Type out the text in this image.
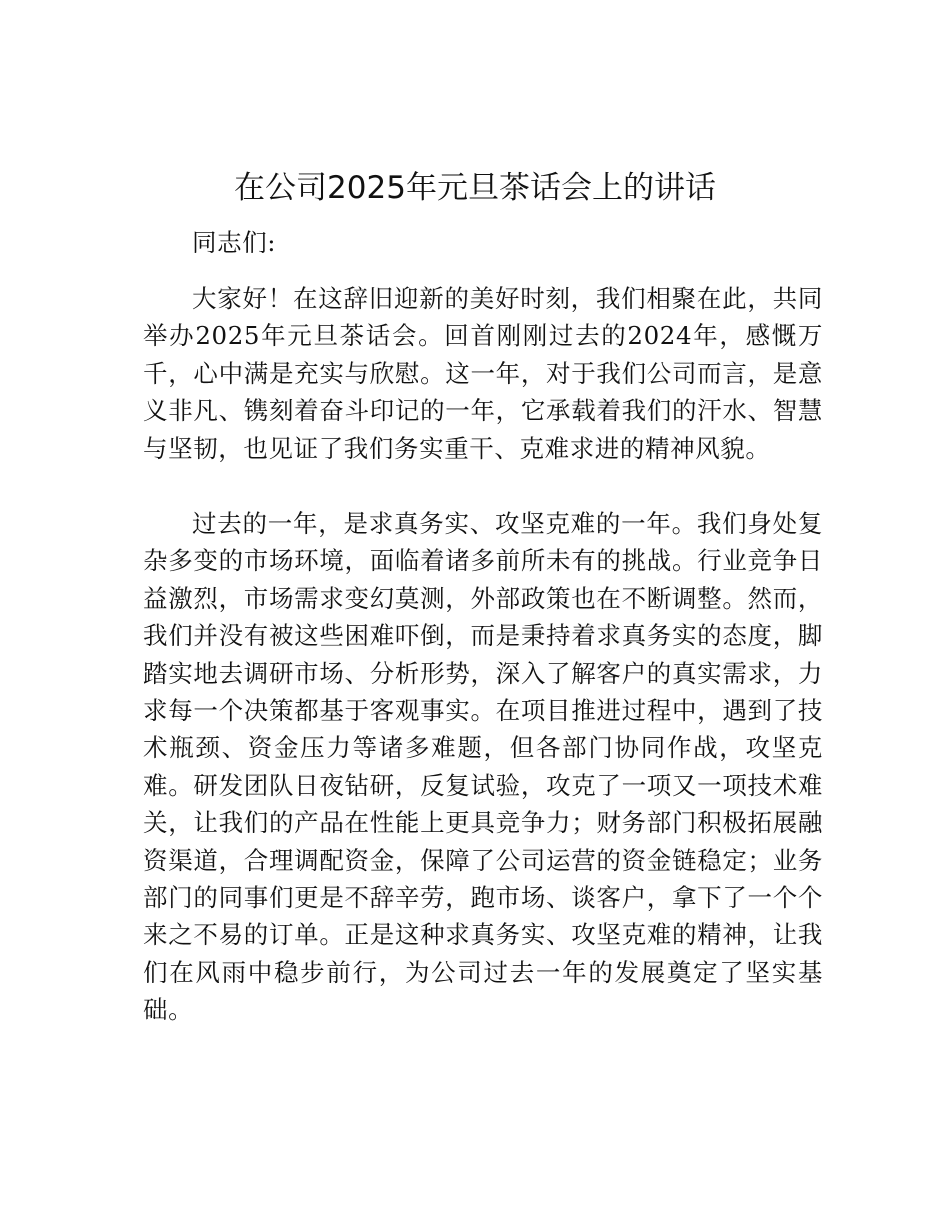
在公司2025年元旦茶话会上的讲话

同志们:

大家好！在这辞旧迎新的美好时刻，我们相聚在此，共同举办2025年元旦茶话会。回首刚刚过去的2024年，感慨万千，心中满是充实与欣慰。这一年，对于我们公司而言，是意义非凡、镌刻着奋斗印记的一年，它承载着我们的汗水、智慧与坚韧，也见证了我们务实重干、克难求进的精神风貌。

过去的一年，是求真务实、攻坚克难的一年。我们身处复杂多变的市场环境，面临着诸多前所未有的挑战。行业竞争日益激烈，市场需求变幻莫测，外部政策也在不断调整。然而，我们并没有被这些困难吓倒，而是秉持着求真务实的态度，脚踏实地去调研市场、分析形势，深入了解客户的真实需求，力求每一个决策都基于客观事实。在项目推进过程中，遇到了技术瓶颈、资金压力等诸多难题，但各部门协同作战，攻坚克难。研发团队日夜钻研，反复试验，攻克了一项又一项技术难关，让我们的产品在性能上更具竞争力；财务部门积极拓展融资渠道，合理调配资金，保障了公司运营的资金链稳定；业务部门的同事们更是不辞辛劳，跑市场、谈客户，拿下了一个个来之不易的订单。正是这种求真务实、攻坚克难的精神，让我们在风雨中稳步前行，为公司过去一年的发展奠定了坚实基础。
